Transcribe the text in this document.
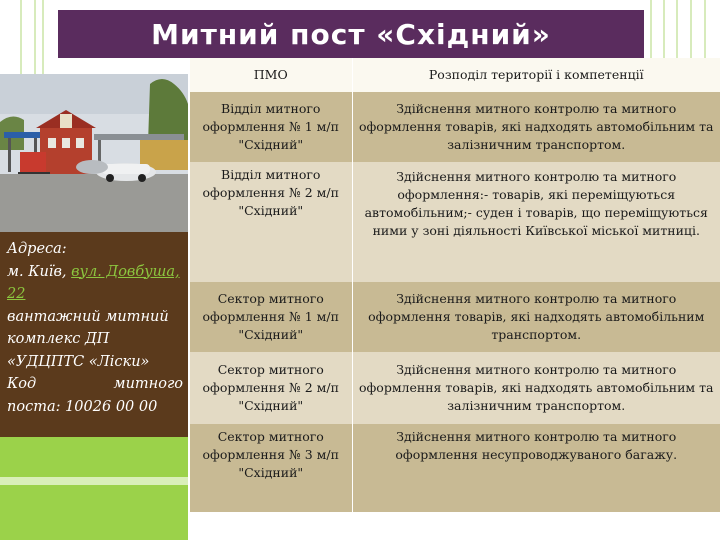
Митний пост «Східний»
Адреса:
м. Київ, вул. Довбуша,
22
вантажний митний
комплекс ДП
«УДЦПТС «Ліски»
Код	митного
поста: 10026 00 00
ПМО	Розподіл території і компетенції
Відділ митного оформлення № 1 м/п "Східний"	Здійснення митного контролю та митного оформлення товарів, які надходять автомобільним та залізничним транспортом.
Відділ митного оформлення № 2 м/п "Східний"	Здійснення митного контролю та митного оформлення:- товарів, які переміщуються автомобільним;- суден і товарів, що переміщуються ними у зоні діяльності Київської міської митниці.
Сектор митного оформлення № 1 м/п "Східний"	Здійснення митного контролю та митного оформлення товарів, які надходять автомобільним транспортом.
Сектор митного оформлення № 2 м/п "Східний"	Здійснення митного контролю та митного оформлення товарів, які надходять автомобільним та залізничним транспортом.
Сектор митного оформлення № 3 м/п "Східний"	Здійснення митного контролю та митного оформлення несупроводжуваного багажу.
